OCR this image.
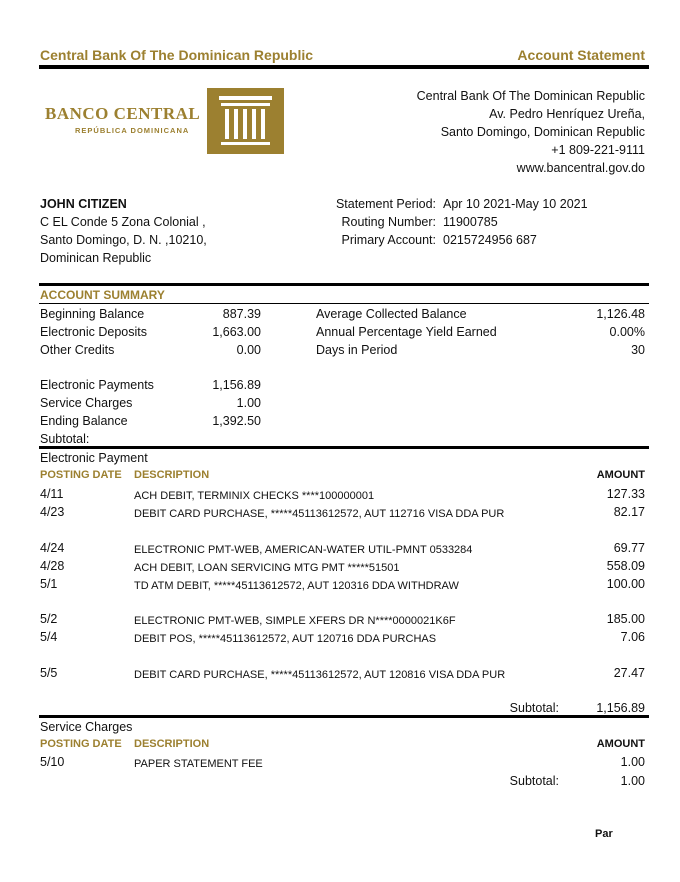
Central Bank Of The Dominican Republic	Account Statement
BANCO CENTRAL
REPÚBLICA DOMINICANA
Central Bank Of The Dominican Republic
Av. Pedro Henríquez Ureña,
Santo Domingo, Dominican Republic
+1 809-221-9111
www.bancentral.gov.do
JOHN CITIZEN
C EL Conde 5 Zona Colonial ,
Santo Domingo, D. N. ,10210,
Dominican Republic
Statement Period: Apr 10 2021-May 10 2021
Routing Number: 11900785
Primary Account: 0215724956 687
ACCOUNT SUMMARY
Beginning Balance	887.39	Average Collected Balance	1,126.48
Electronic Deposits	1,663.00	Annual Percentage Yield Earned	0.00%
Other Credits	0.00	Days in Period	30
Electronic Payments	1,156.89
Service Charges	1.00
Ending Balance	1,392.50
Subtotal:
Electronic Payment
POSTING DATE DESCRIPTION	AMOUNT
4/11	ACH DEBIT, TERMINIX CHECKS ****100000001	127.33
4/23	DEBIT CARD PURCHASE, *****45113612572, AUT 112716 VISA DDA PUR	82.17
4/24	ELECTRONIC PMT-WEB, AMERICAN-WATER UTIL-PMNT 0533284	69.77
4/28	ACH DEBIT, LOAN SERVICING MTG PMT *****51501	558.09
5/1	TD ATM DEBIT, *****45113612572, AUT 120316 DDA WITHDRAW	100.00
5/2	ELECTRONIC PMT-WEB, SIMPLE XFERS DR N****0000021K6F	185.00
5/4	DEBIT POS, *****45113612572, AUT 120716 DDA PURCHAS	7.06
5/5	DEBIT CARD PURCHASE, *****45113612572, AUT 120816 VISA DDA PUR	27.47
Subtotal:	1,156.89
Service Charges
POSTING DATE DESCRIPTION	AMOUNT
5/10	PAPER STATEMENT FEE	1.00
Subtotal:	1.00
Par
